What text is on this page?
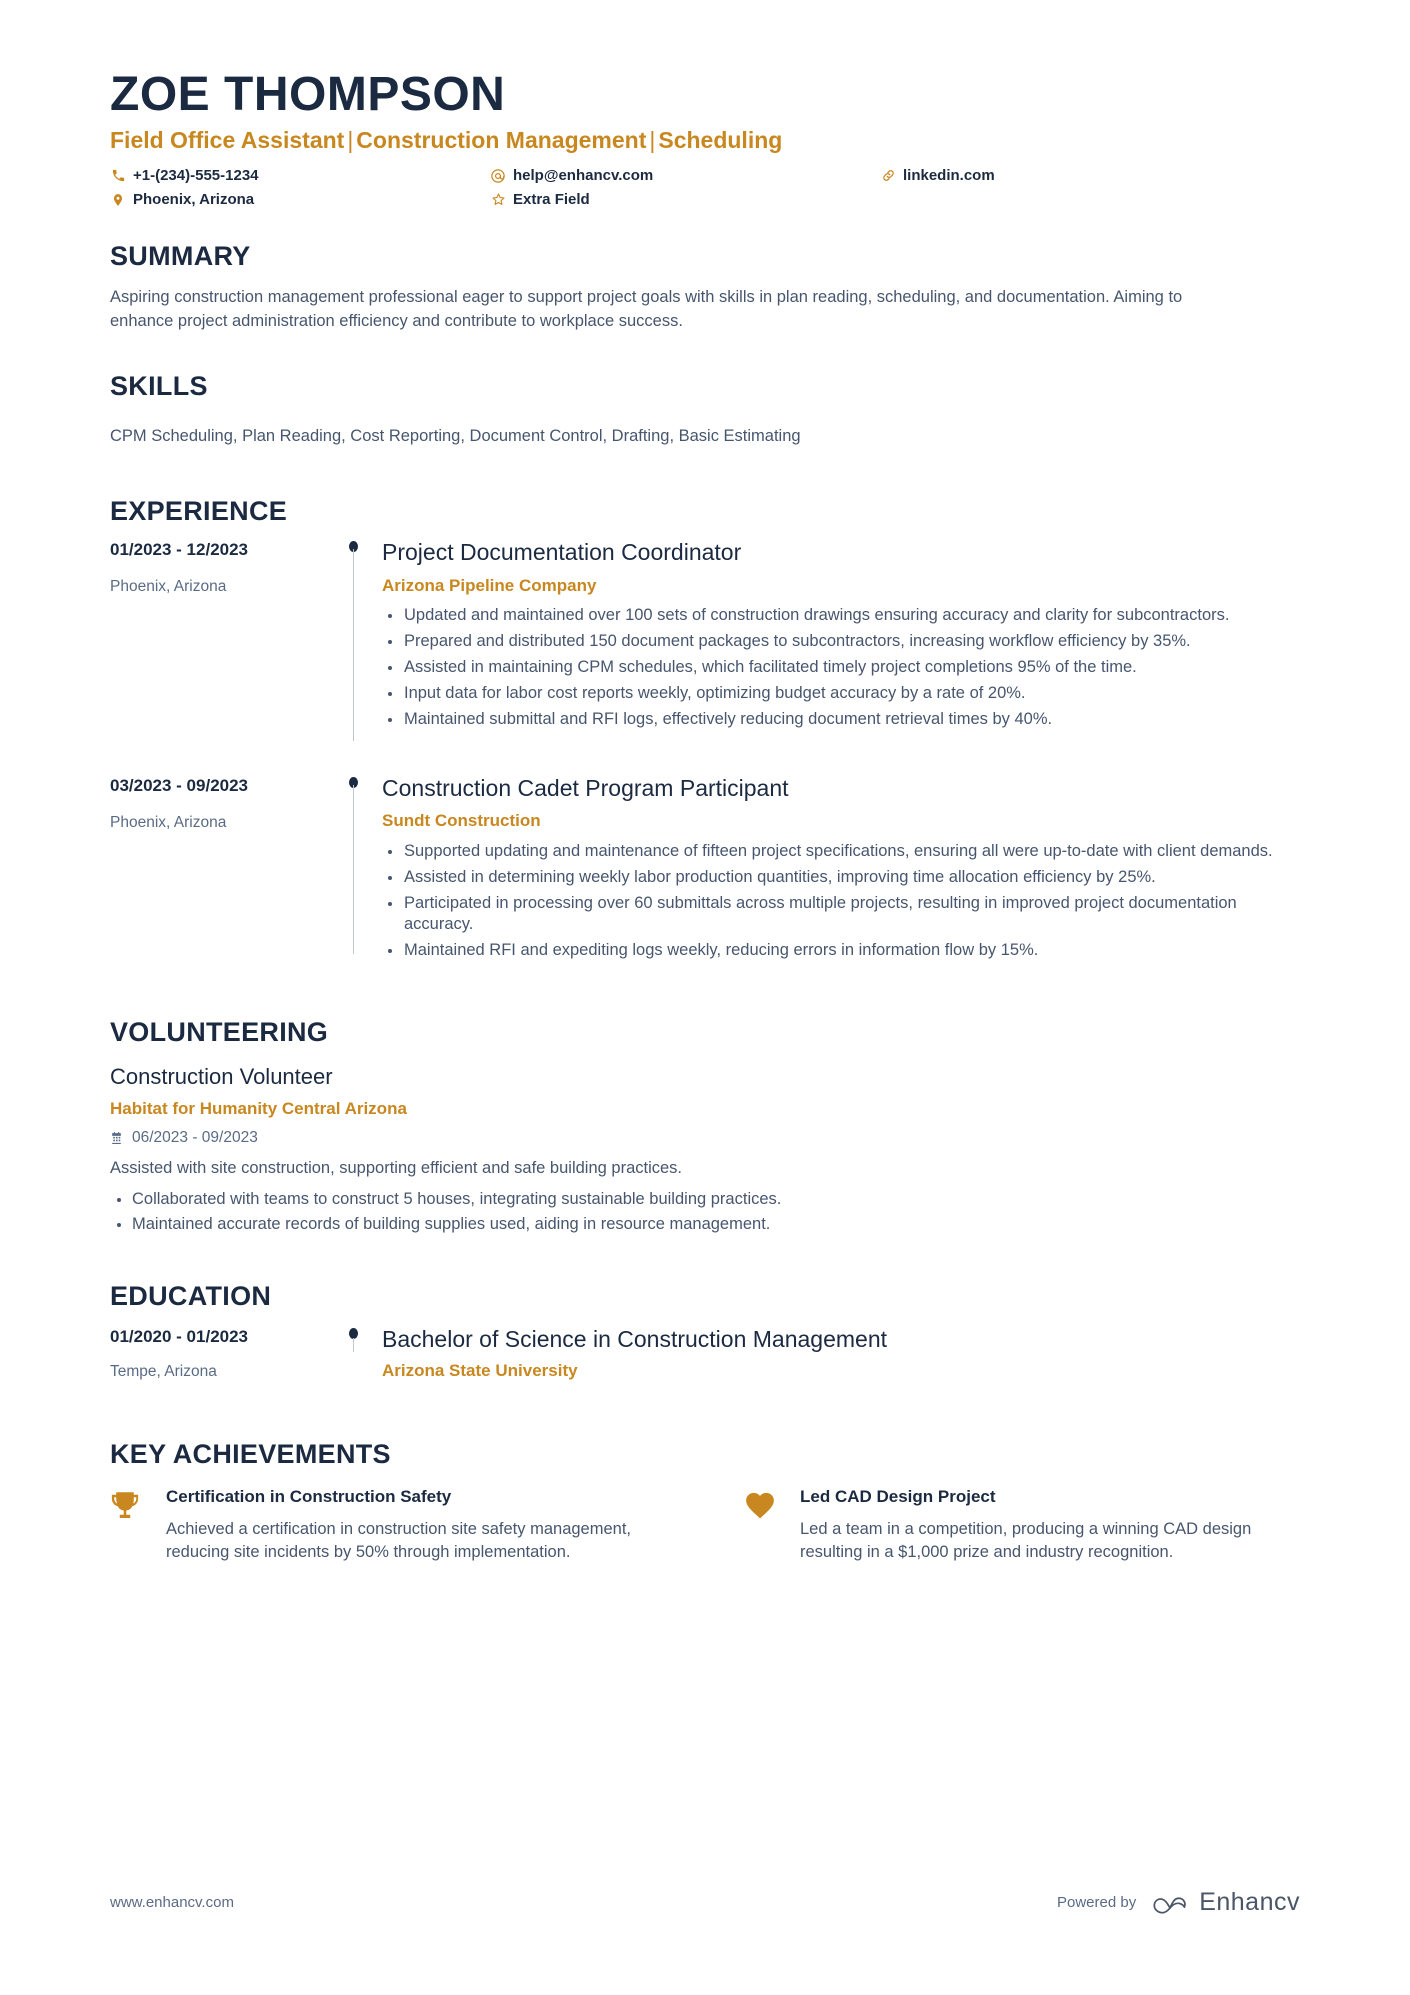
ZOE THOMPSON
Field Office Assistant | Construction Management | Scheduling
+1-(234)-555-1234	help@enhancv.com	linkedin.com
Phoenix, Arizona	Extra Field
SUMMARY

Aspiring construction management professional eager to support project goals with skills in plan reading, scheduling, and documentation. Aiming to enhance project administration efficiency and contribute to workplace success.

SKILLS

CPM Scheduling, Plan Reading, Cost Reporting, Document Control, Drafting, Basic Estimating

EXPERIENCE
01/2023 - 12/2023
Phoenix, Arizona
Project Documentation Coordinator
Arizona Pipeline Company
Updated and maintained over 100 sets of construction drawings ensuring accuracy and clarity for subcontractors.
Prepared and distributed 150 document packages to subcontractors, increasing workflow efficiency by 35%.
Assisted in maintaining CPM schedules, which facilitated timely project completions 95% of the time.
Input data for labor cost reports weekly, optimizing budget accuracy by a rate of 20%.
Maintained submittal and RFI logs, effectively reducing document retrieval times by 40%.
03/2023 - 09/2023
Phoenix, Arizona
Construction Cadet Program Participant
Sundt Construction
Supported updating and maintenance of fifteen project specifications, ensuring all were up-to-date with client demands.
Assisted in determining weekly labor production quantities, improving time allocation efficiency by 25%.
Participated in processing over 60 submittals across multiple projects, resulting in improved project documentation accuracy.
Maintained RFI and expediting logs weekly, reducing errors in information flow by 15%.
VOLUNTEERING
Construction Volunteer
Habitat for Humanity Central Arizona
06/2023 - 09/2023

Assisted with site construction, supporting efficient and safe building practices.

Collaborated with teams to construct 5 houses, integrating sustainable building practices.
Maintained accurate records of building supplies used, aiding in resource management.
EDUCATION
01/2020 - 01/2023
Tempe, Arizona
Bachelor of Science in Construction Management
Arizona State University
KEY ACHIEVEMENTS
Certification in Construction Safety

Achieved a certification in construction site safety management, reducing site incidents by 50% through implementation.

Led CAD Design Project

Led a team in a competition, producing a winning CAD design resulting in a $1,000 prize and industry recognition.

www.enhancv.com	Powered by	Enhancv
